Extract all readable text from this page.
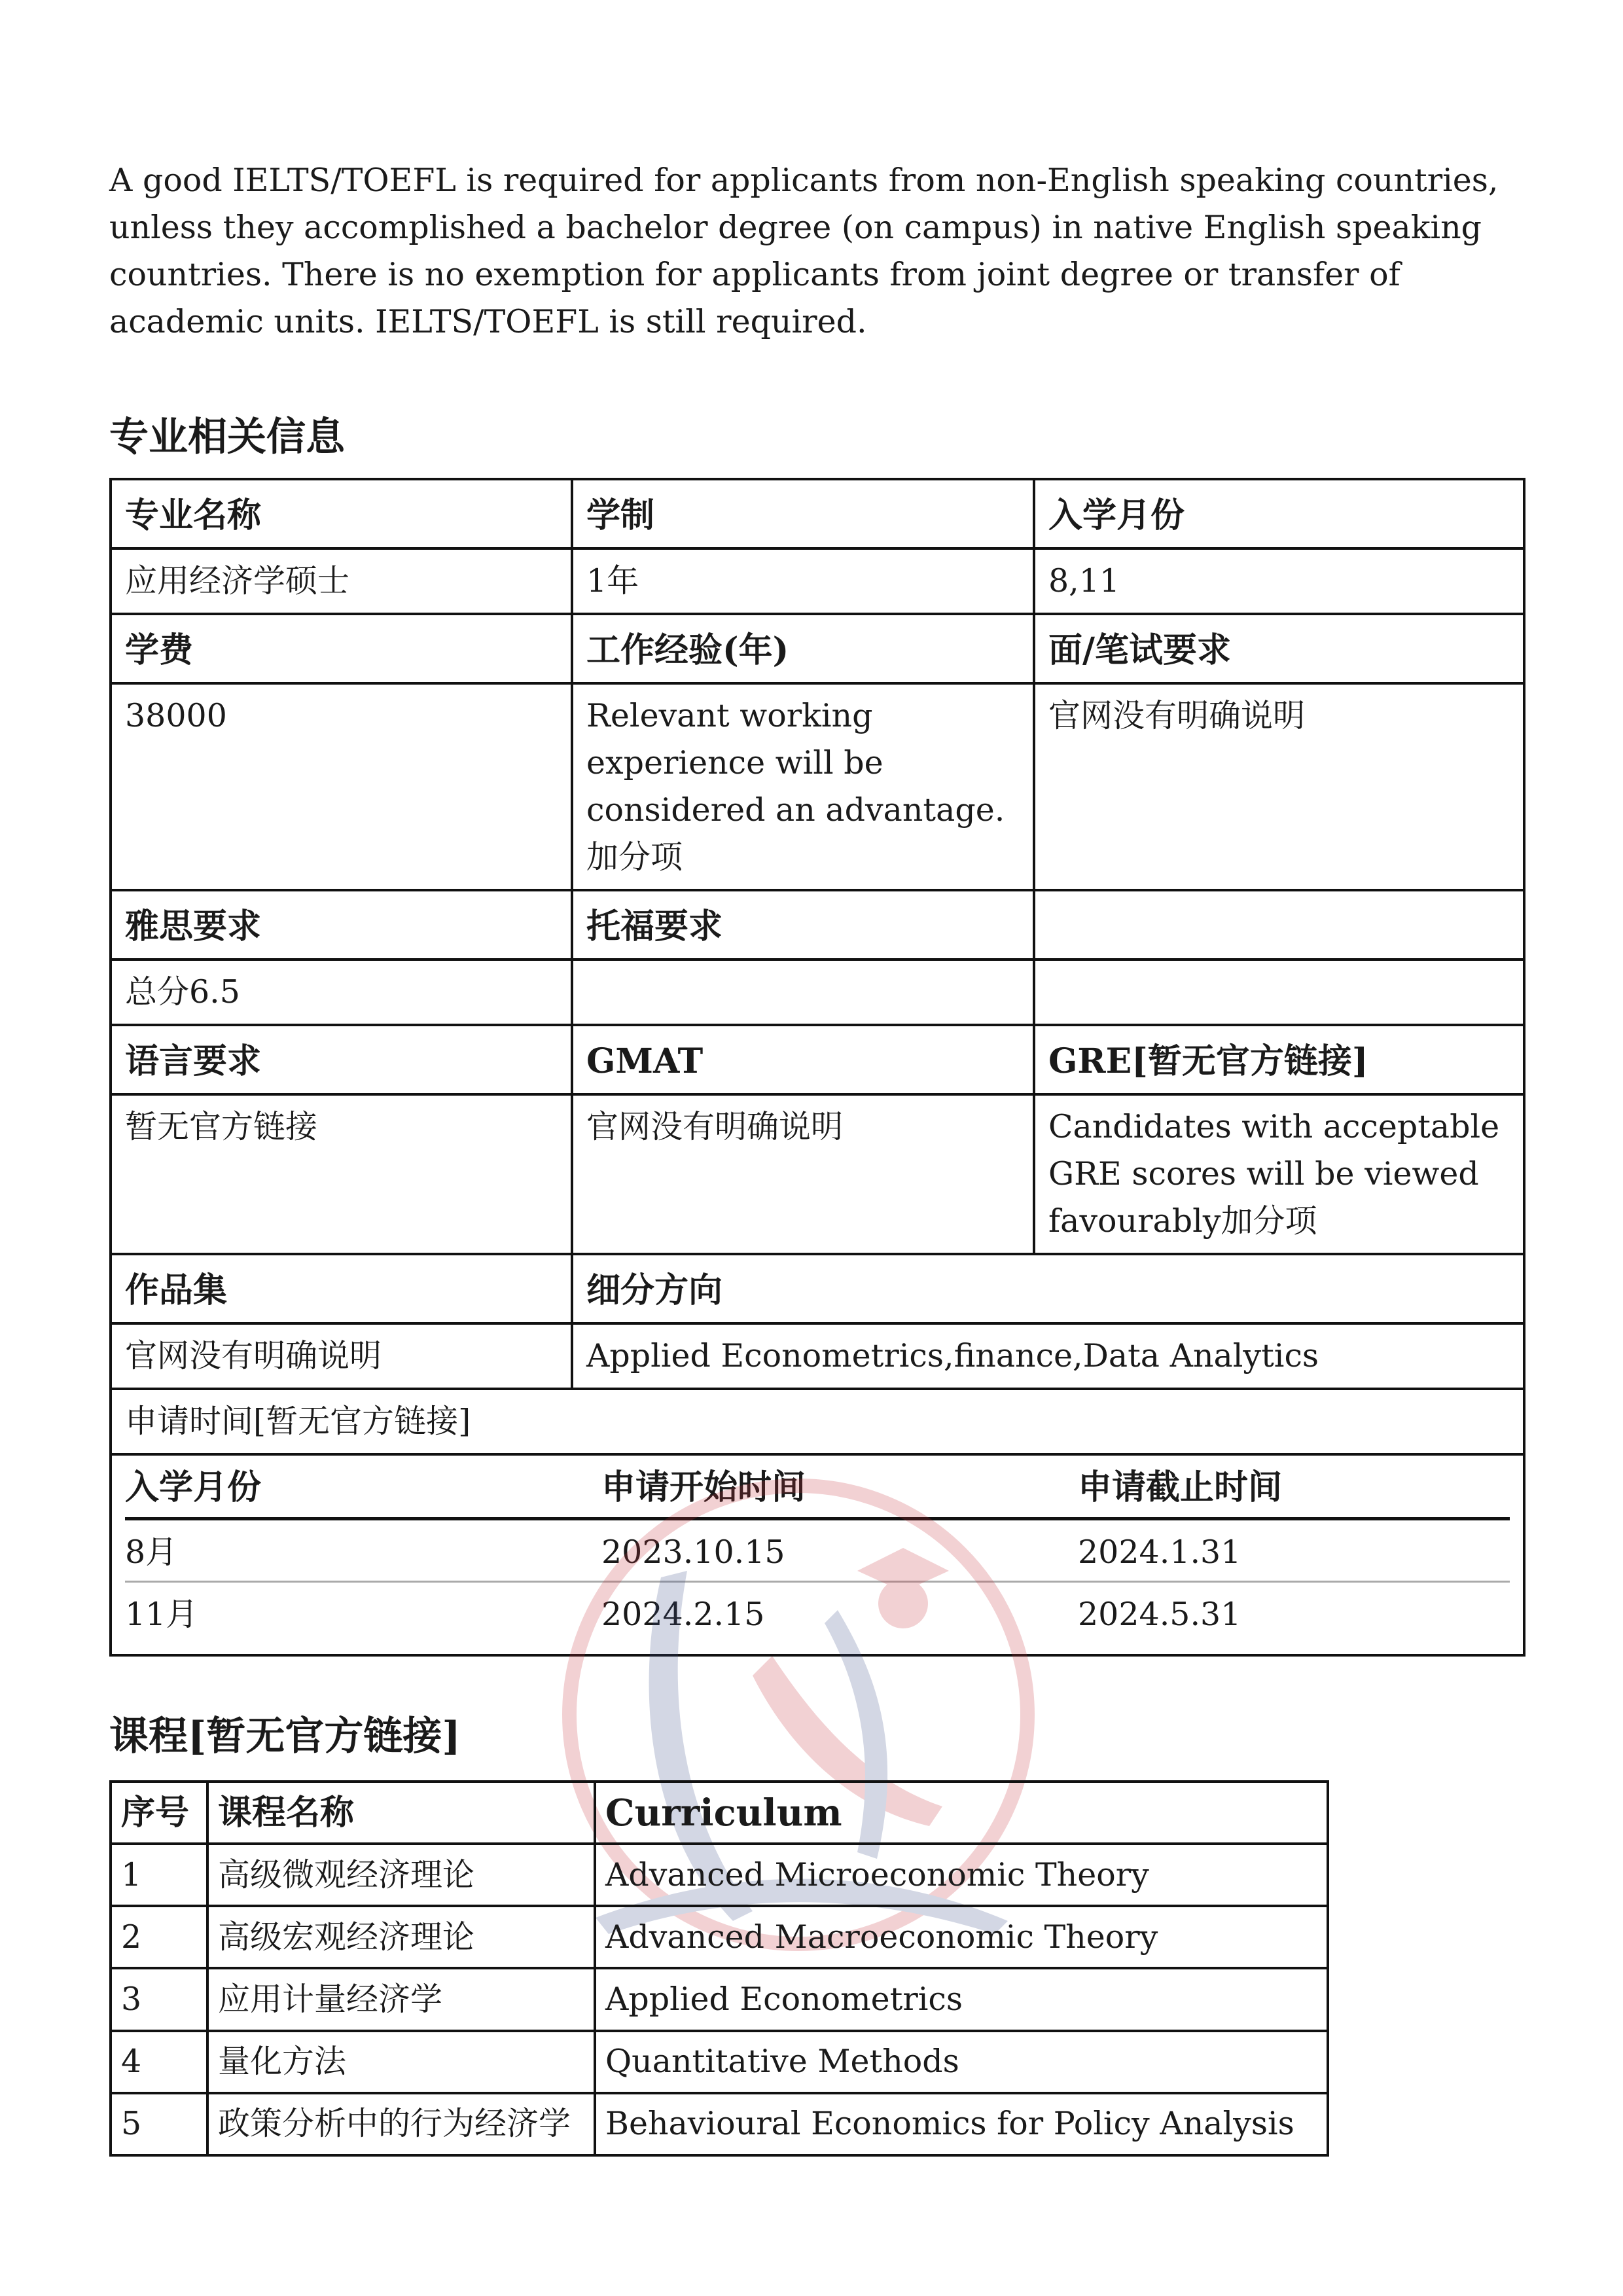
A good IELTS/TOEFL is required for applicants from non-English speaking countries, unless they accomplished a bachelor degree (on campus) in native English speaking countries. There is no exemption for applicants from joint degree or transfer of academic units. IELTS/TOEFL is still required.

专业相关信息
专业名称	学制	入学月份
应用经济学硕士	1年	8,11
学费	工作经验(年)	面/笔试要求
38000	Relevant working experience will be considered an advantage.加分项	官网没有明确说明
雅思要求	托福要求	
总分6.5		
语言要求	GMAT	GRE[暂无官方链接]
暂无官方链接	官网没有明确说明	Candidates with acceptable GRE scores will be viewed favourably加分项
作品集	细分方向
官网没有明确说明	Applied Econometrics,finance,Data Analytics
申请时间[暂无官方链接]

入学月份	申请开始时间	申请截止时间
8月	2023.10.15	2024.1.31
11月	2024.2.15	2024.5.31
课程[暂无官方链接]
序号	课程名称	Curriculum
1	高级微观经济理论	Advanced Microeconomic Theory
2	高级宏观经济理论	Advanced Macroeconomic Theory
3	应用计量经济学	Applied Econometrics
4	量化方法	Quantitative Methods
5	政策分析中的行为经济学	Behavioural Economics for Policy Analysis
